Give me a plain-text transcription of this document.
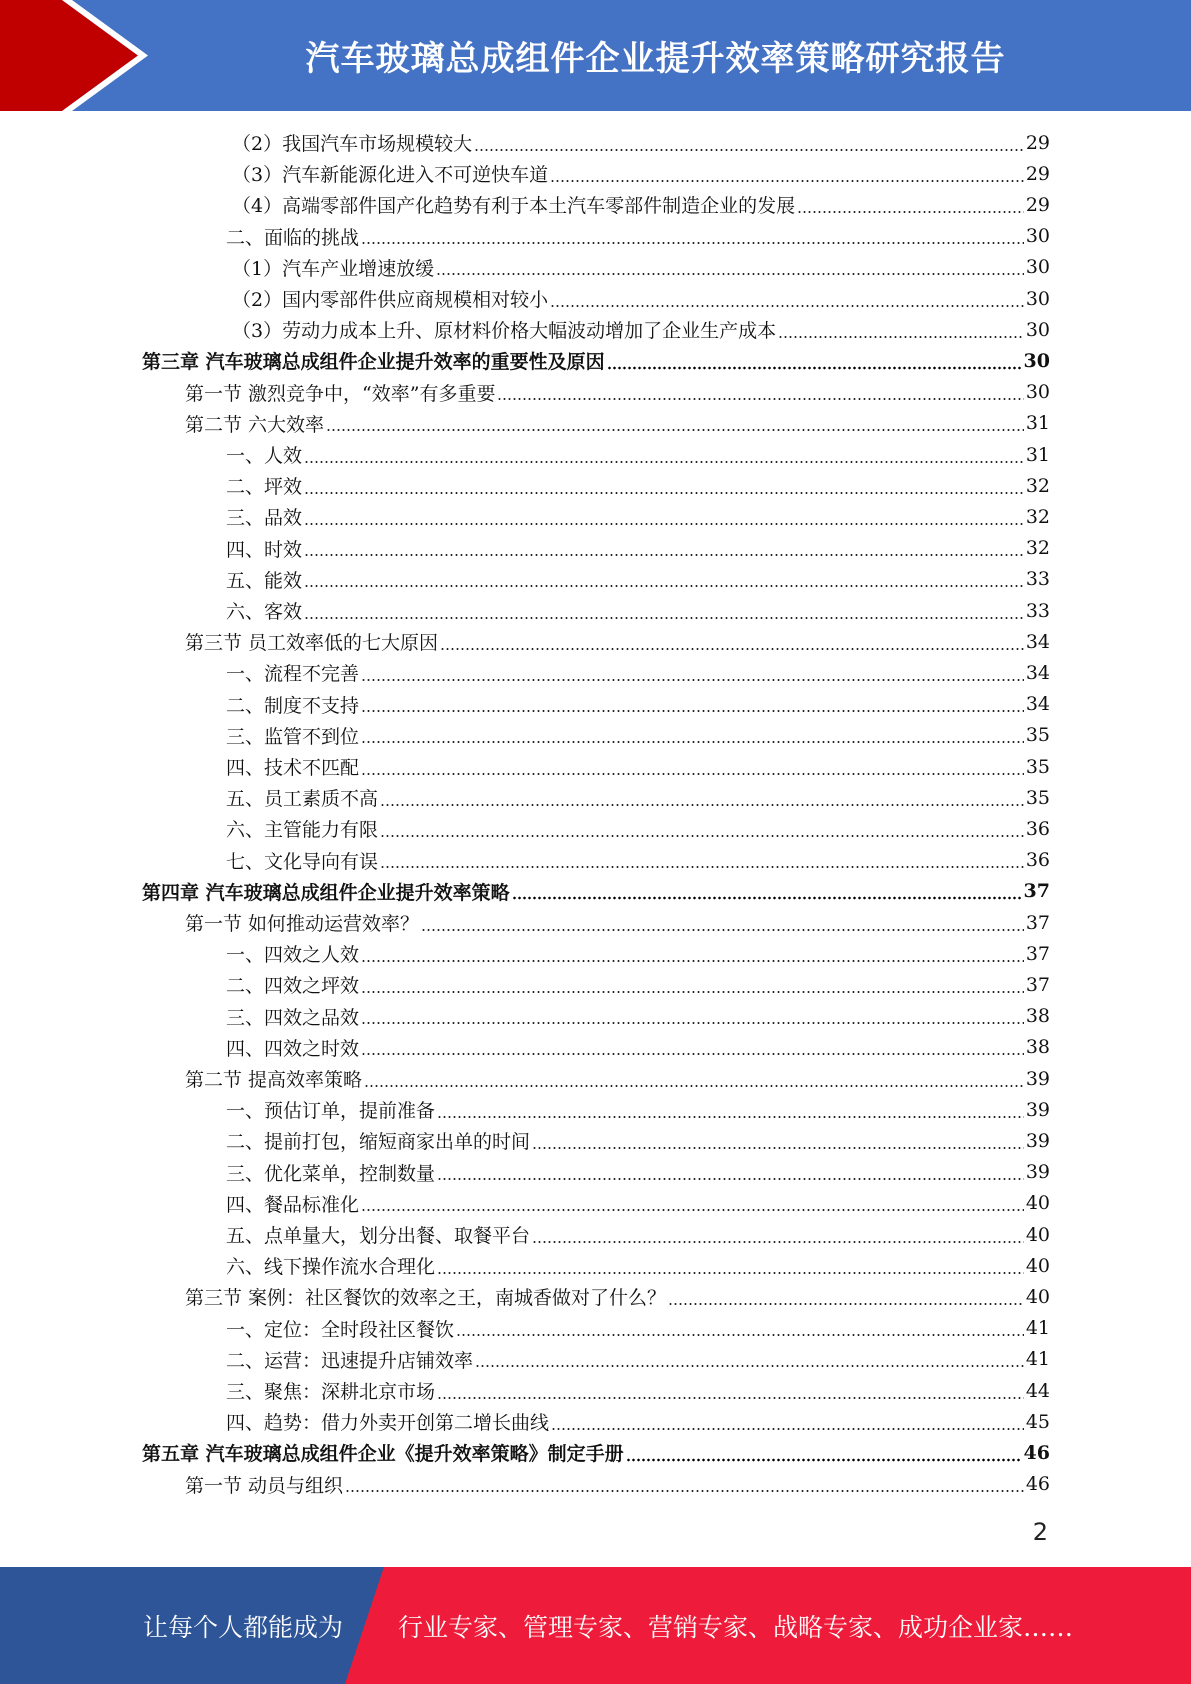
汽车玻璃总成组件企业提升效率策略研究报告
（2）我国汽车市场规模较大	29
（3）汽车新能源化进入不可逆快车道	29
（4）高端零部件国产化趋势有利于本土汽车零部件制造企业的发展	29
二、面临的挑战	30
（1）汽车产业增速放缓	30
（2）国内零部件供应商规模相对较小	30
（3）劳动力成本上升、原材料价格大幅波动增加了企业生产成本	30
第三章 汽车玻璃总成组件企业提升效率的重要性及原因	30
第一节 激烈竞争中，“效率”有多重要	30
第二节 六大效率	31
一、人效	31
二、坪效	32
三、品效	32
四、时效	32
五、能效	33
六、客效	33
第三节 员工效率低的七大原因	34
一、流程不完善	34
二、制度不支持	34
三、监管不到位	35
四、技术不匹配	35
五、员工素质不高	35
六、主管能力有限	36
七、文化导向有误	36
第四章 汽车玻璃总成组件企业提升效率策略	37
第一节 如何推动运营效率？	37
一、四效之人效	37
二、四效之坪效	37
三、四效之品效	38
四、四效之时效	38
第二节 提高效率策略	39
一、预估订单，提前准备	39
二、提前打包，缩短商家出单的时间	39
三、优化菜单，控制数量	39
四、餐品标准化	40
五、点单量大，划分出餐、取餐平台	40
六、线下操作流水合理化	40
第三节 案例：社区餐饮的效率之王，南城香做对了什么？	40
一、定位：全时段社区餐饮	41
二、运营：迅速提升店铺效率	41
三、聚焦：深耕北京市场	44
四、趋势：借力外卖开创第二增长曲线	45
第五章 汽车玻璃总成组件企业《提升效率策略》制定手册	46
第一节 动员与组织	46
2
让每个人都能成为 行业专家、管理专家、营销专家、战略专家、成功企业家……
